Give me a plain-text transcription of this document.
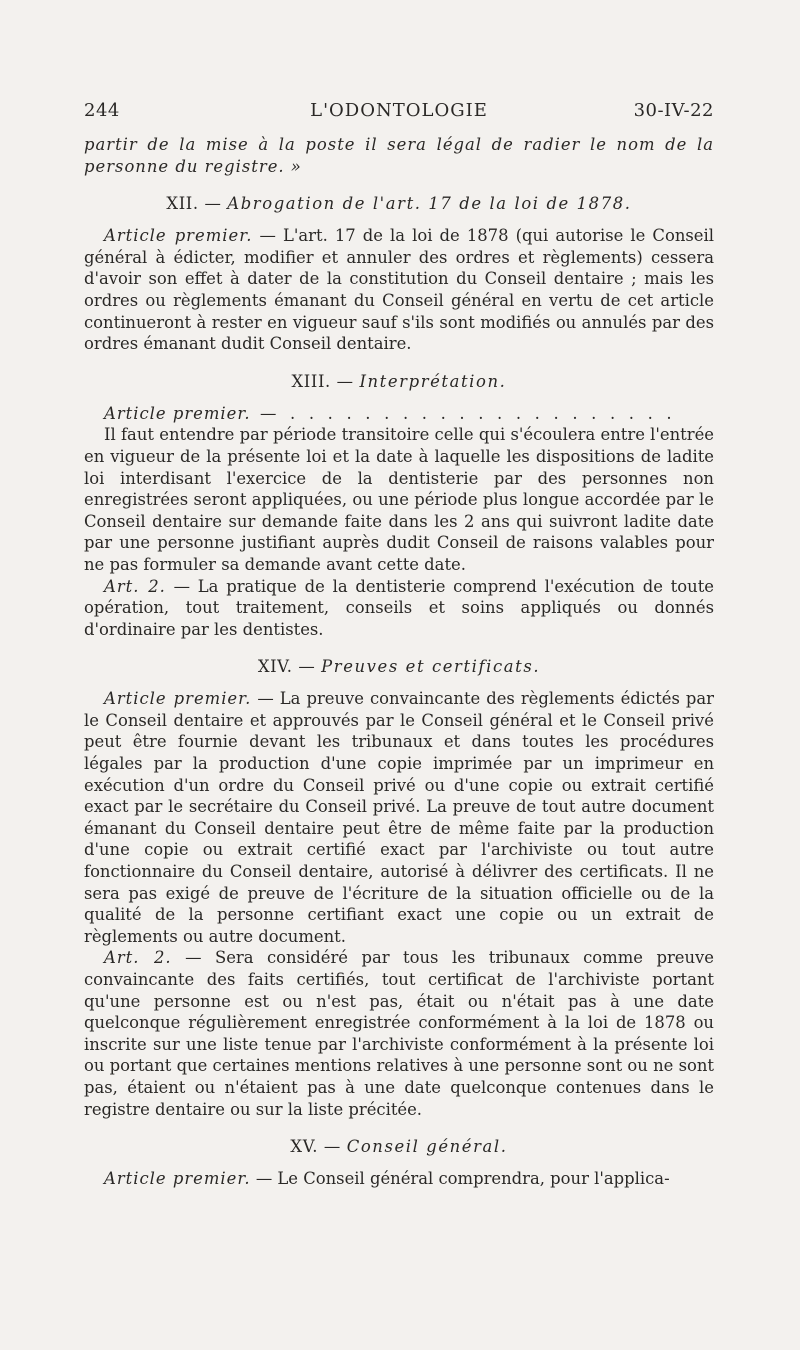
244	L'ODONTOLOGIE	30-IV-22

partir de la mise à la poste il sera légal de radier le nom de la personne du registre. »

XII. — Abrogation de l'art. 17 de la loi de 1878.

Article premier. — L'art. 17 de la loi de 1878 (qui autorise le Conseil général à édicter, modifier et annuler des ordres et règlements) cessera d'avoir son effet à dater de la constitution du Conseil dentaire ; mais les ordres ou règlements émanant du Conseil général en vertu de cet article continueront à rester en vigueur sauf s'ils sont modifiés ou annulés par des ordres émanant dudit Conseil dentaire.

XIII. — Interprétation.
Article premier. — . . . . . . . . . . . . . . . . . . . . .

Il faut entendre par période transitoire celle qui s'écoulera entre l'entrée en vigueur de la présente loi et la date à laquelle les dispositions de ladite loi interdisant l'exercice de la dentisterie par des personnes non enregistrées seront appliquées, ou une période plus longue accordée par le Conseil dentaire sur demande faite dans les 2 ans qui suivront ladite date par une personne justifiant auprès dudit Conseil de raisons valables pour ne pas formuler sa demande avant cette date.

Art. 2. — La pratique de la dentisterie comprend l'exécution de toute opération, tout traitement, conseils et soins appliqués ou donnés d'ordinaire par les dentistes.

XIV. — Preuves et certificats.

Article premier. — La preuve convaincante des règlements édictés par le Conseil dentaire et approuvés par le Conseil général et le Conseil privé peut être fournie devant les tribunaux et dans toutes les procédures légales par la production d'une copie imprimée par un imprimeur en exécution d'un ordre du Conseil privé ou d'une copie ou extrait certifié exact par le secrétaire du Conseil privé. La preuve de tout autre document émanant du Conseil dentaire peut être de même faite par la production d'une copie ou extrait certifié exact par l'archiviste ou tout autre fonctionnaire du Conseil dentaire, autorisé à délivrer des certificats. Il ne sera pas exigé de preuve de l'écriture de la situation officielle ou de la qualité de la personne certifiant exact une copie ou un extrait de règlements ou autre document.

Art. 2. — Sera considéré par tous les tribunaux comme preuve convaincante des faits certifiés, tout certificat de l'archiviste portant qu'une personne est ou n'est pas, était ou n'était pas à une date quelconque régulièrement enregistrée conformément à la loi de 1878 ou inscrite sur une liste tenue par l'archiviste conformément à la présente loi ou portant que certaines mentions relatives à une personne sont ou ne sont pas, étaient ou n'étaient pas à une date quelconque contenues dans le registre dentaire ou sur la liste précitée.

XV. — Conseil général.

Article premier. — Le Conseil général comprendra, pour l'applica-
